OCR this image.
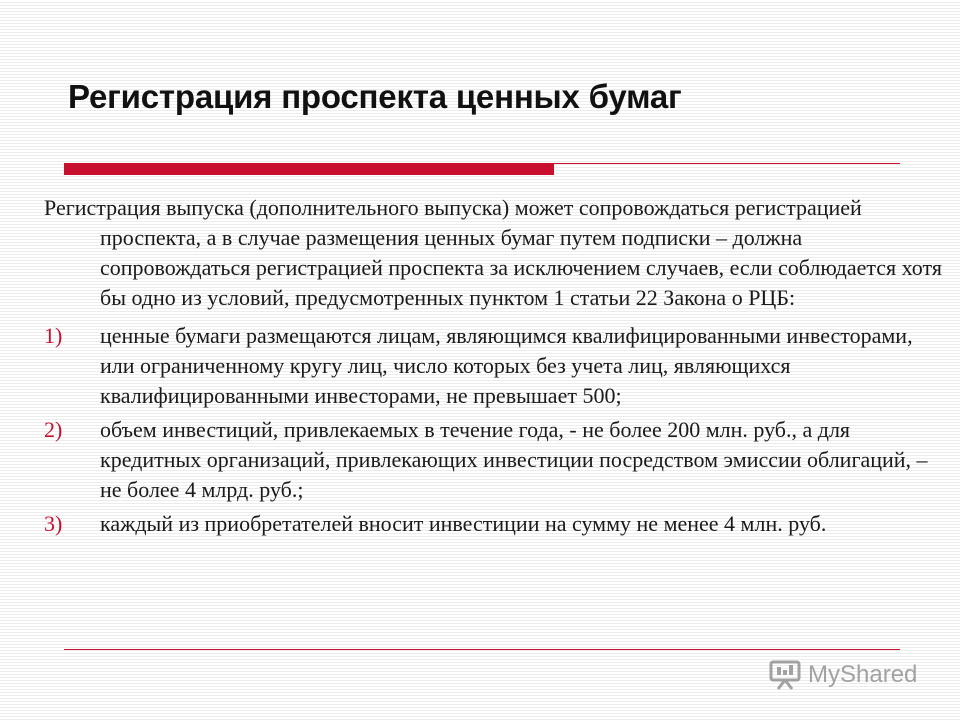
Регистрация проспекта ценных бумаг

Регистрация выпуска (дополнительного выпуска) может сопровождаться регистрацией проспекта, а в случае размещения ценных бумаг путем подписки – должна сопровождаться регистрацией проспекта за исключением случаев, если соблюдается хотя бы одно из условий, предусмотренных пунктом 1 статьи 22 Закона о РЦБ:

1) ценные бумаги размещаются лицам, являющимся квалифицированными инвесторами, или ограниченному кругу лиц, число которых без учета лиц, являющихся квалифицированными инвесторами, не превышает 500;
2) объем инвестиций, привлекаемых в течение года, - не более 200 млн. руб., а для кредитных организаций, привлекающих инвестиции посредством эмиссии облигаций, – не более 4 млрд. руб.;
3) каждый из приобретателей вносит инвестиции на сумму не менее 4 млн. руб.
MyShared
